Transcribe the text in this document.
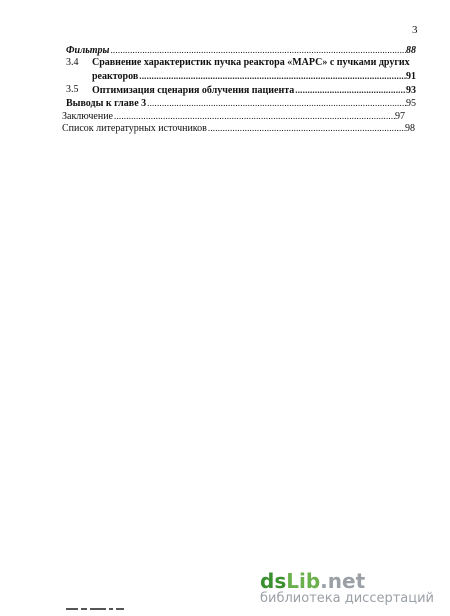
3
Фильтры .....	88
3.4 Сравнение характеристик пучка реактора «МАРС» с пучками других
реакторов .....	91
3.5 Оптимизация сценария облучения пациента .....	93
Выводы к главе 3 .....	95
Заключение .....	97
Список литературных источников .....	98
dsLib.net
библиотека диссертаций
